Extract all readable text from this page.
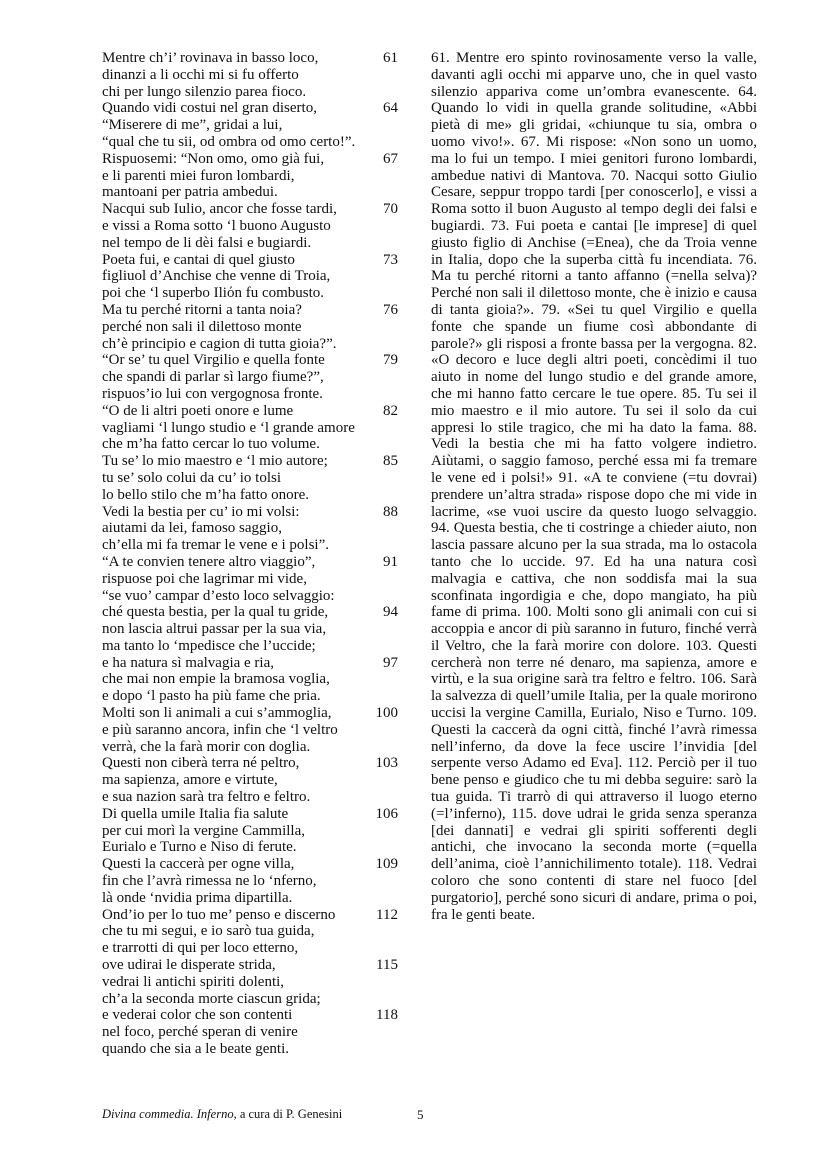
Mentre ch’i’ rovinava in basso loco,
dinanzi a li occhi mi si fu offerto
chi per lungo silenzio parea fioco.
61
Quando vidi costui nel gran diserto,
“Miserere di me”, gridai a lui,
“qual che tu sii, od ombra od omo certo!”.
64
Rispuosemi: “Non omo, omo già fui,
e li parenti miei furon lombardi,
mantoani per patria ambedui.
67
Nacqui sub Iulio, ancor che fosse tardi,
e vissi a Roma sotto ‘l buono Augusto
nel tempo de li dèi falsi e bugiardi.
70
Poeta fui, e cantai di quel giusto
figliuol d’Anchise che venne di Troia,
poi che ‘l superbo Iliόn fu combusto.
73
Ma tu perché ritorni a tanta noia?
perché non sali il dilettoso monte
ch’è principio e cagion di tutta gioia?”.
76
“Or se’ tu quel Virgilio e quella fonte
che spandi di parlar sì largo fiume?”,
rispuos’io lui con vergognosa fronte.
79
“O de li altri poeti onore e lume
vagliami ‘l lungo studio e ‘l grande amore
che m’ha fatto cercar lo tuo volume.
82
Tu se’ lo mio maestro e ‘l mio autore;
tu se’ solo colui da cu’ io tolsi
lo bello stilo che m’ha fatto onore.
85
Vedi la bestia per cu’ io mi volsi:
aiutami da lei, famoso saggio,
ch’ella mi fa tremar le vene e i polsi”.
88
“A te convien tenere altro viaggio”,
rispuose poi che lagrimar mi vide,
“se vuo’ campar d’esto loco selvaggio:
91
ché questa bestia, per la qual tu gride,
non lascia altrui passar per la sua via,
ma tanto lo ‘mpedisce che l’uccide;
94
e ha natura sì malvagia e ria,
che mai non empie la bramosa voglia,
e dopo ‘l pasto ha più fame che pria.
97
Molti son li animali a cui s’ammoglia,
e più saranno ancora, infin che ‘l veltro
verrà, che la farà morir con doglia.
100
Questi non ciberà terra né peltro,
ma sapienza, amore e virtute,
e sua nazion sarà tra feltro e feltro.
103
Di quella umile Italia fia salute
per cui morì la vergine Cammilla,
Eurialo e Turno e Niso di ferute.
106
Questi la caccerà per ogne villa,
fin che l’avrà rimessa ne lo ‘nferno,
là onde ‘nvidia prima dipartilla.
109
Ond’io per lo tuo me’ penso e discerno
che tu mi segui, e io sarò tua guida,
e trarrotti di qui per loco etterno,
112
ove udirai le disperate strida,
vedrai li antichi spiriti dolenti,
ch’a la seconda morte ciascun grida;
115
e vederai color che son contenti
nel foco, perché speran di venire
quando che sia a le beate genti.
118

61. Mentre ero spinto rovinosamente verso la valle, davanti agli occhi mi apparve uno, che in quel vasto silenzio appariva come un’ombra evanescente. 64. Quando lo vidi in quella grande solitudine, «Abbi pietà di me» gli gridai, «chiunque tu sia, ombra o uomo vivo!». 67. Mi rispose: «Non sono un uomo, ma lo fui un tempo. I miei genitori furono lombardi, ambedue nativi di Mantova. 70. Nacqui sotto Giulio Cesare, seppur troppo tardi [per conoscerlo], e vissi a Roma sotto il buon Augusto al tempo degli dei falsi e bugiardi. 73. Fui poeta e cantai [le imprese] di quel giusto figlio di Anchise (=Enea), che da Troia venne in Italia, dopo che la superba città fu incendiata. 76. Ma tu perché ritorni a tanto affanno (=nella selva)? Perché non sali il dilettoso monte, che è inizio e causa di tanta gioia?». 79. «Sei tu quel Virgilio e quella fonte che spande un fiume così abbondante di parole?» gli risposi a fronte bassa per la vergogna. 82. «O decoro e luce degli altri poeti, concèdimi il tuo aiuto in nome del lungo studio e del grande amore, che mi hanno fatto cercare le tue opere. 85. Tu sei il mio maestro e il mio autore. Tu sei il solo da cui appresi lo stile tragico, che mi ha dato la fama. 88. Vedi la bestia che mi ha fatto volgere indietro. Aiùtami, o saggio famoso, perché essa mi fa tremare le vene ed i polsi!» 91. «A te conviene (=tu dovrai) prendere un’altra strada» rispose dopo che mi vide in lacrime, «se vuoi uscire da questo luogo selvaggio. 94. Questa bestia, che ti costringe a chieder aiuto, non lascia passare alcuno per la sua strada, ma lo ostacola tanto che lo uccide. 97. Ed ha una natura così malvagia e cattiva, che non soddisfa mai la sua sconfinata ingordigia e che, dopo mangiato, ha più fame di prima. 100. Molti sono gli animali con cui si accoppia e ancor di più saranno in futuro, finché verrà il Veltro, che la farà morire con dolore. 103. Questi cercherà non terre né denaro, ma sapienza, amore e virtù, e la sua origine sarà tra feltro e feltro. 106. Sarà la salvezza di quell’umile Italia, per la quale morirono uccisi la vergine Camilla, Eurialo, Niso e Turno. 109. Questi la caccerà da ogni città, finché l’avrà rimessa nell’inferno, da dove la fece uscire l’invidia [del serpente verso Adamo ed Eva]. 112. Perciò per il tuo bene penso e giudico che tu mi debba seguire: sarò la tua guida. Ti trarrò di qui attraverso il luogo eterno (=l’inferno), 115. dove udrai le grida senza speranza [dei dannati] e vedrai gli spiriti sofferenti degli antichi, che invocano la seconda morte (=quella dell’anima, cioè l’annichilimento totale). 118. Vedrai coloro che sono contenti di stare nel fuoco [del purgatorio], perché sono sicuri di andare, prima o poi, fra le genti beate.

Divina commedia. Inferno, a cura di P. Genesini	5
